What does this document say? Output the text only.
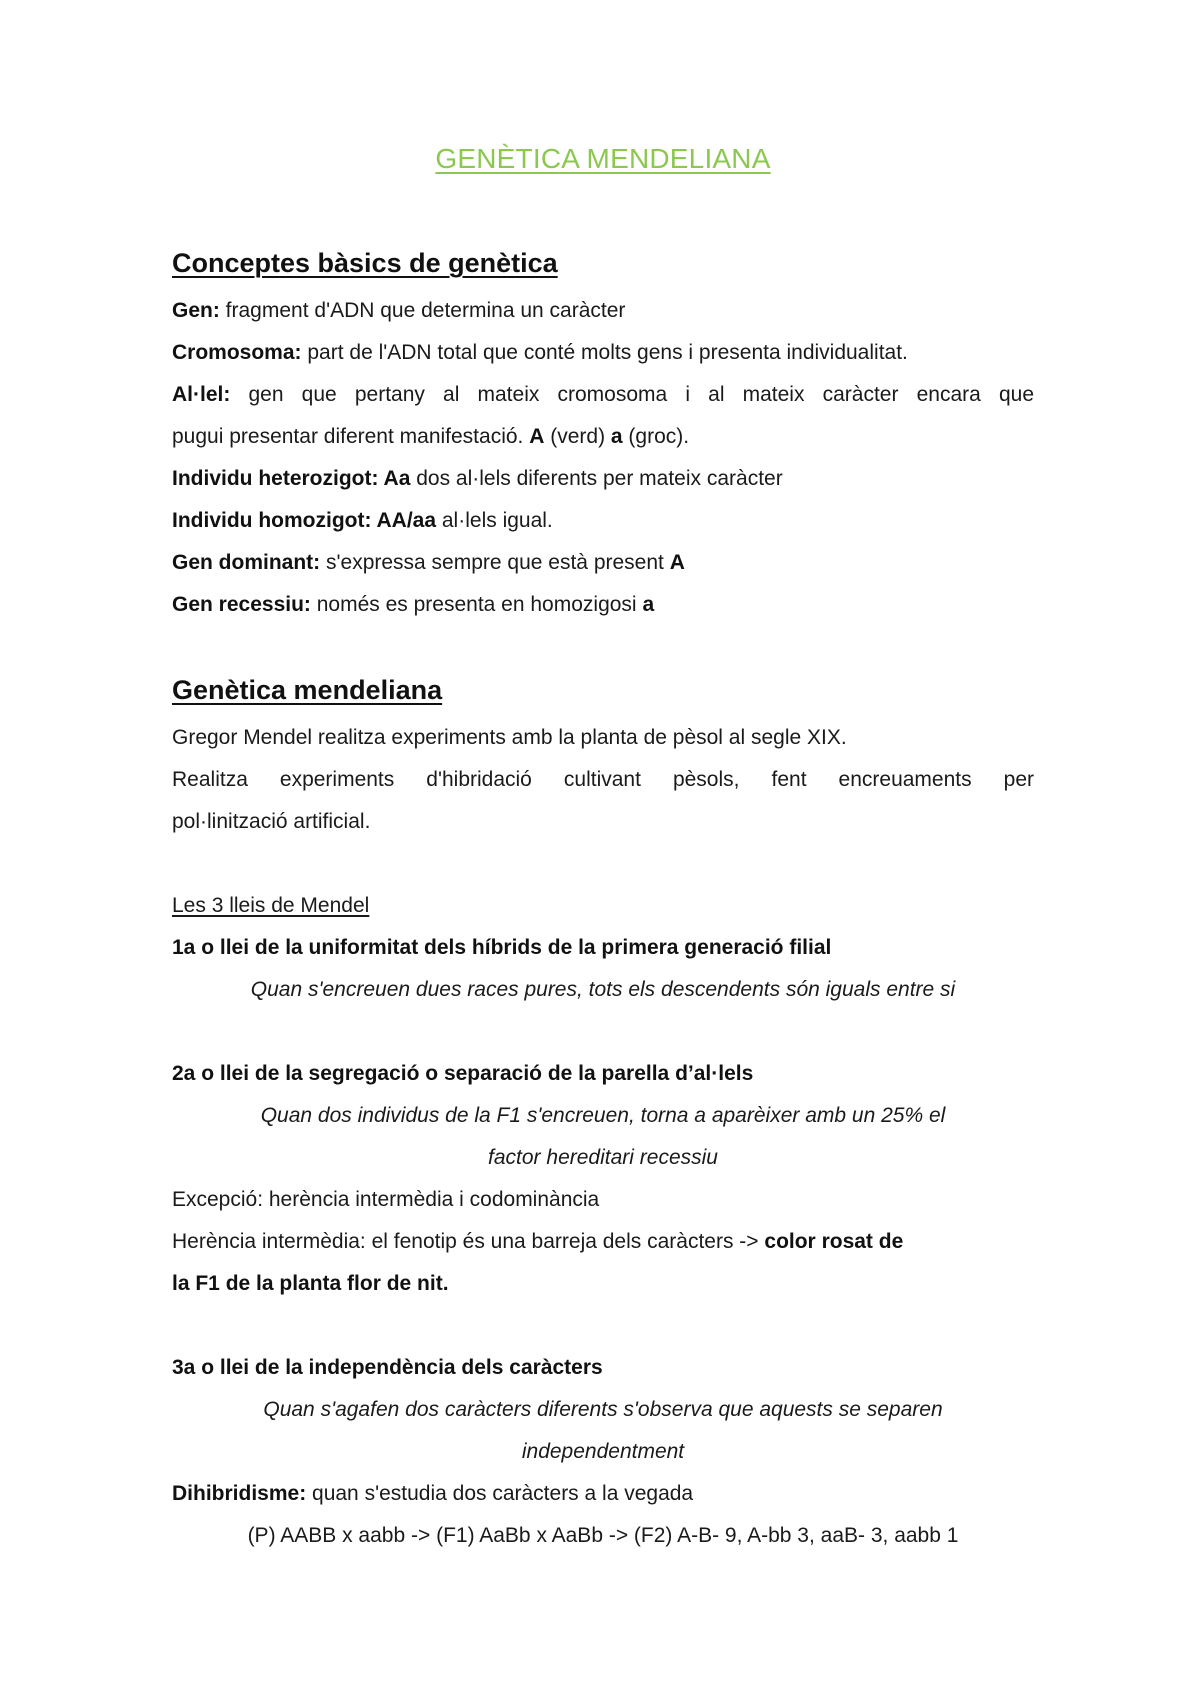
GENÈTICA MENDELIANA
Conceptes bàsics de genètica
Gen: fragment d'ADN que determina un caràcter
Cromosoma: part de l'ADN total que conté molts gens i presenta individualitat.
Al·lel: gen que pertany al mateix cromosoma i al mateix caràcter encara que
pugui presentar diferent manifestació. A (verd) a (groc).
Individu heterozigot: Aa dos al·lels diferents per mateix caràcter
Individu homozigot: AA/aa al·lels igual.
Gen dominant: s'expressa sempre que està present A
Gen recessiu: només es presenta en homozigosi a
Genètica mendeliana
Gregor Mendel realitza experiments amb la planta de pèsol al segle XIX.
Realitza experiments d'hibridació cultivant pèsols, fent encreuaments per
pol·linització artificial.
Les 3 lleis de Mendel
1a o llei de la uniformitat dels híbrids de la primera generació filial
Quan s'encreuen dues races pures, tots els descendents són iguals entre si
2a o llei de la segregació o separació de la parella d’al·lels
Quan dos individus de la F1 s'encreuen, torna a aparèixer amb un 25% el
factor hereditari recessiu
Excepció: herència intermèdia i codominància
Herència intermèdia: el fenotip és una barreja dels caràcters -> color rosat de
la F1 de la planta flor de nit.
3a o llei de la independència dels caràcters
Quan s'agafen dos caràcters diferents s'observa que aquests se separen
independentment
Dihibridisme: quan s'estudia dos caràcters a la vegada
(P) AABB x aabb -> (F1) AaBb x AaBb -> (F2) A-B- 9, A-bb 3, aaB- 3, aabb 1
